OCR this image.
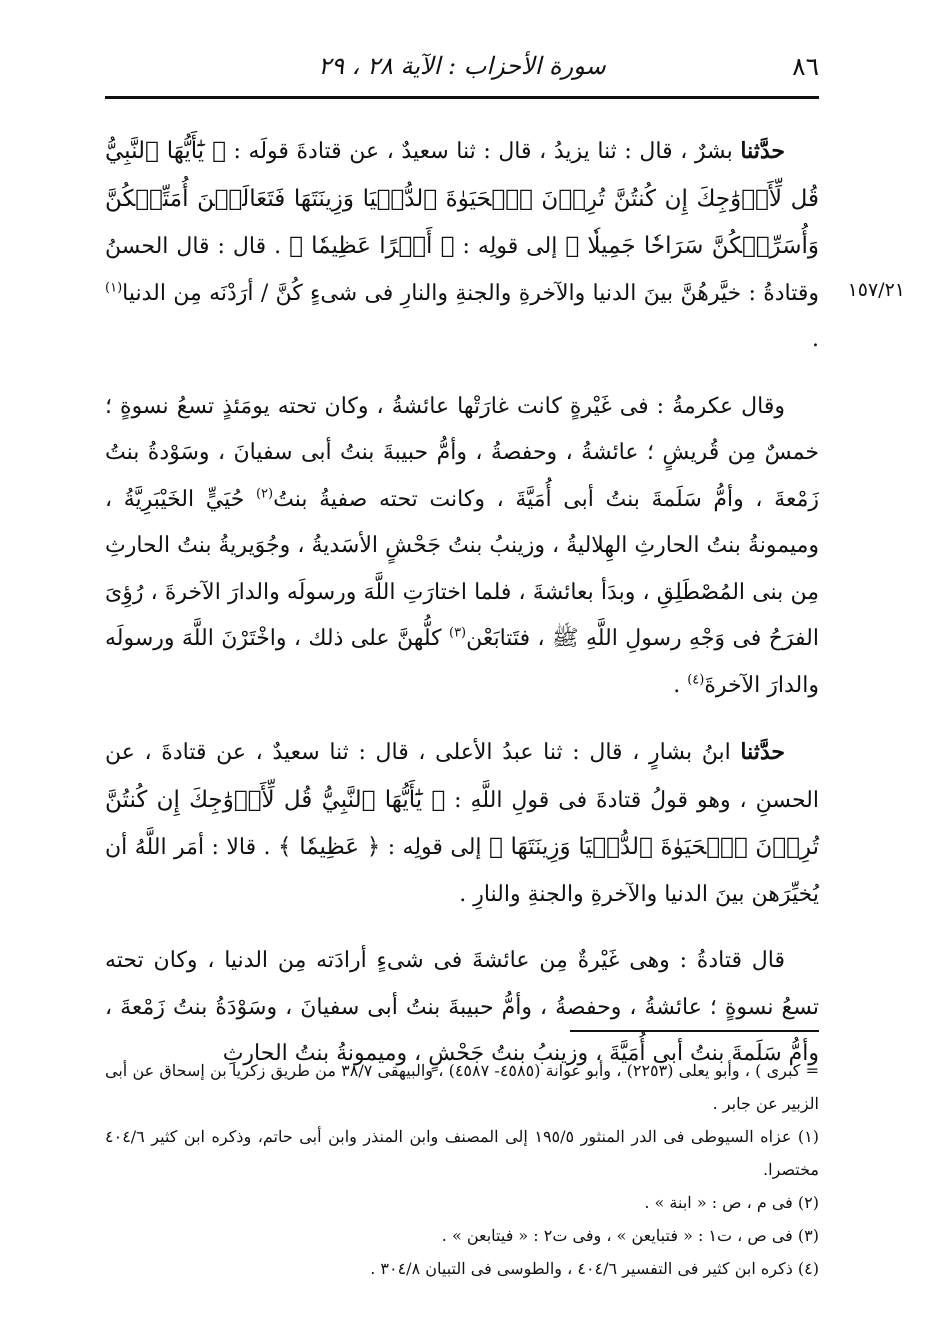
٨٦
سورة الأحزاب : الآية ٢٨ ، ٢٩

حدَّثنا بشرٌ ، قال : ثنا يزيدُ ، قال : ثنا سعيدٌ ، عن قتادةَ قولَه : ﴿ يَٰٓأَيُّهَا ٱلنَّبِيُّ قُل لِّأَزۡوَٰجِكَ إِن كُنتُنَّ تُرِدۡنَ ٱلۡحَيَوٰةَ ٱلدُّنۡيَا وَزِينَتَهَا فَتَعَالَيۡنَ أُمَتِّعۡكُنَّ وَأُسَرِّحۡكُنَّ سَرَاحٗا جَمِيلٗا ﴾ إلى قولِه : ﴿ أَجۡرًا عَظِيمٗا ﴾ . قال : قال الحسنُ وقتادةُ : خيَّرهُنَّ بينَ الدنيا والآخرةِ والجنةِ والنارِ فى شىءٍ كُنَّ / أرَدْنَه مِن الدنيا$^{(١)}$ .
١٥٧/٢١

وقال عكرمةُ : فى غَيْرةٍ كانت غارَتْها عائشةُ ، وكان تحته يومَئذٍ تسعُ نسوةٍ ؛ خمسٌ مِن قُريشٍ ؛ عائشةُ ، وحفصةُ ، وأمُّ حبيبةَ بنتُ أبى سفيانَ ، وسَوْدةُ بنتُ زَمْعةَ ، وأمُّ سَلَمةَ بنتُ أبى أُمَيَّةَ ، وكانت تحته صفيةُ بنتُ$^{(٢)}$ حُيَيٍّ الخَيْبَرِيَّةُ ، وميمونةُ بنتُ الحارثِ الهِلاليةُ ، وزينبُ بنتُ جَحْشٍ الأسَديةُ ، وجُوَيريةُ بنتُ الحارثِ مِن بنى المُصْطَلِقِ ، وبدَأ بعائشةَ ، فلما اختارَتِ اللَّهَ ورسولَه والدارَ الآخرةَ ، رُؤِىَ الفرَحُ فى وَجْهِ رسولِ اللَّهِ ﷺ ، فتَتابَعْن$^{(٣)}$ كلُّهنَّ على ذلك ، واخْتَرْنَ اللَّهَ ورسولَه والدارَ الآخرةَ$^{(٤)}$ .

حدَّثنا ابنُ بشارٍ ، قال : ثنا عبدُ الأعلى ، قال : ثنا سعيدٌ ، عن قتادةَ ، عن الحسنِ ، وهو قولُ قتادةَ فى قولِ اللَّهِ : ﴿ يَٰٓأَيُّهَا ٱلنَّبِيُّ قُل لِّأَزۡوَٰجِكَ إِن كُنتُنَّ تُرِدۡنَ ٱلۡحَيَوٰةَ ٱلدُّنۡيَا وَزِينَتَهَا ﴾ إلى قولِه : ﴿ عَظِيمٗا ﴾ . قالا : أمَر اللَّهُ أن يُخيِّرَهن بينَ الدنيا والآخرةِ والجنةِ والنارِ .

قال قتادةُ : وهى غَيْرةٌ مِن عائشةَ فى شىءٍ أرادَته مِن الدنيا ، وكان تحته تسعُ نسوةٍ ؛ عائشةُ ، وحفصةُ ، وأمُّ حبيبةَ بنتُ أبى سفيانَ ، وسَوْدَةُ بنتُ زَمْعةَ ، وأمُّ سَلَمةَ بنتُ أبى أُمَيَّةَ ، وزينبُ بنتُ جَحْشٍ ، وميمونةُ بنتُ الحارثِ

= كبرى ) ، وأبو يعلى (٢٢٥٣) ، وأبو عوانة (٤٥٨٥- ٤٥٨٧) ، والبيهقى ٣٨/٧ من طريق زكريا بن إسحاق عن أبى الزبير عن جابر .

(١) عزاه السيوطى فى الدر المنثور ١٩٥/٥ إلى المصنف وابن المنذر وابن أبى حاتم، وذكره ابن كثير ٤٠٤/٦ مختصرا.

(٢) فى م ، ص : « ابنة » .

(٣) فى ص ، ت١ : « فتبايعن » ، وفى ت٢ : « فيتابعن » .

(٤) ذكره ابن كثير فى التفسير ٤٠٤/٦ ، والطوسى فى التبيان ٣٠٤/٨ .
